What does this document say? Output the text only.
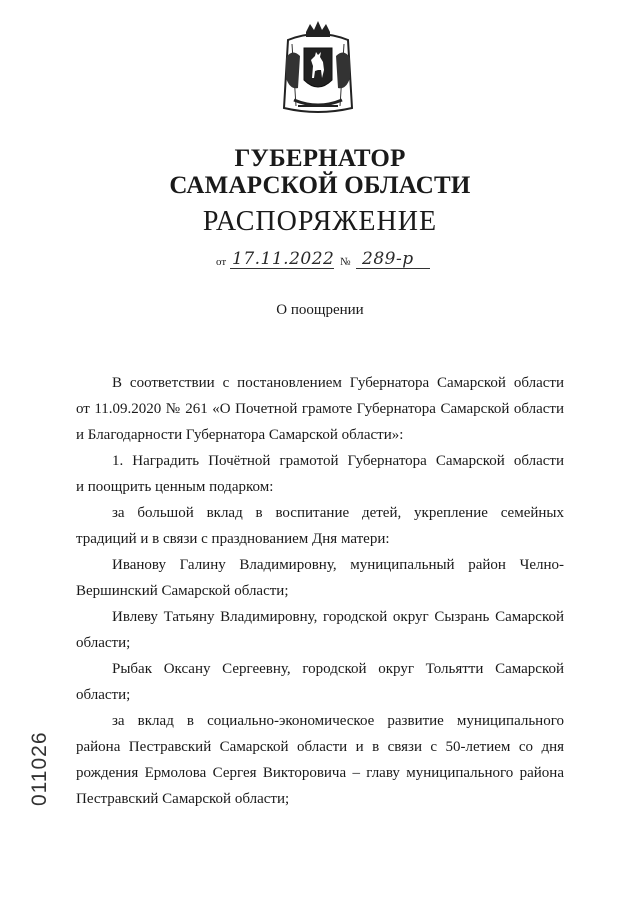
ГУБЕРНАТОР
САМАРСКОЙ ОБЛАСТИ
РАСПОРЯЖЕНИЕ
от 17.11.2022 № 289-р
О поощрении
В соответствии с постановлением Губернатора Самарской области
от 11.09.2020 № 261 «О Почетной грамоте Губернатора Самарской области
и Благодарности Губернатора Самарской области»:
1. Наградить Почётной грамотой Губернатора Самарской области
и поощрить ценным подарком:
за большой вклад в воспитание детей, укрепление семейных
традиций и в связи с празднованием Дня матери:
Иванову Галину Владимировну, муниципальный район Челно-
Вершинский Самарской области;
Ивлеву Татьяну Владимировну, городской округ Сызрань Самарской
области;
Рыбак Оксану Сергеевну, городской округ Тольятти Самарской
области;
за вклад в социально-экономическое развитие муниципального
района Пестравский Самарской области и в связи с 50-летием со дня
рождения Ермолова Сергея Викторовича – главу муниципального района
Пестравский Самарской области;
011026
